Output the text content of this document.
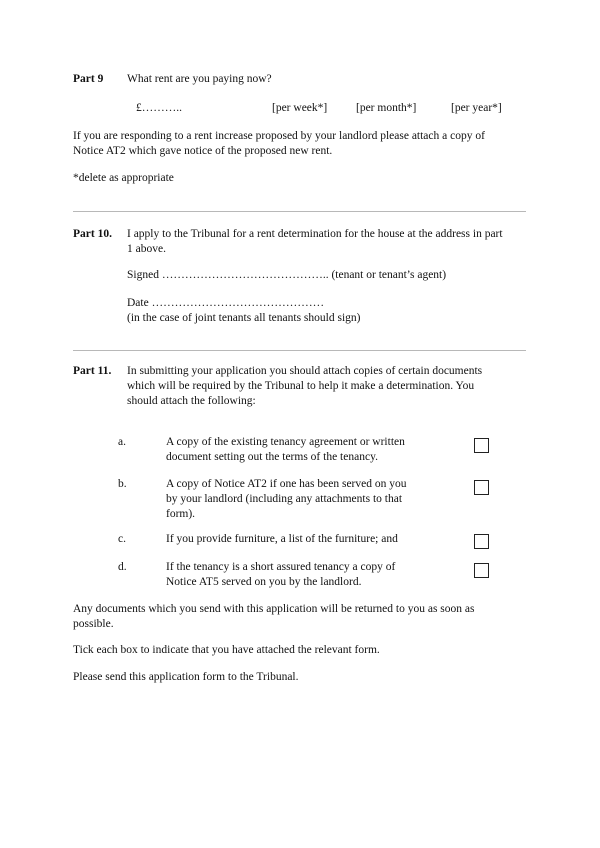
Part 9 What rent are you paying now?
£………..	[per week*]	[per month*]	[per year*]
If you are responding to a rent increase proposed by your landlord please attach a copy of
Notice AT2 which gave notice of the proposed new rent.
*delete as appropriate
Part 10. I apply to the Tribunal for a rent determination for the house at the address in part
1 above.
Signed …………………………………….. (tenant or tenant’s agent)
Date ………………………………………
(in the case of joint tenants all tenants should sign)
Part 11. In submitting your application you should attach copies of certain documents
which will be required by the Tribunal to help it make a determination. You
should attach the following:
a.	A copy of the existing tenancy agreement or written
document setting out the terms of the tenancy.
b.	A copy of Notice AT2 if one has been served on you
by your landlord (including any attachments to that
form).
c.	If you provide furniture, a list of the furniture; and
d.	If the tenancy is a short assured tenancy a copy of
Notice AT5 served on you by the landlord.
Any documents which you send with this application will be returned to you as soon as
possible.
Tick each box to indicate that you have attached the relevant form.
Please send this application form to the Tribunal.
